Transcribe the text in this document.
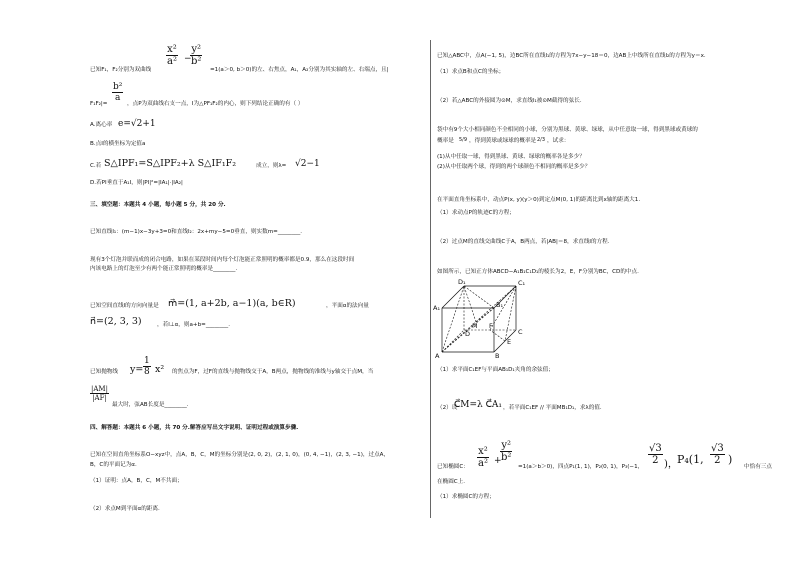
$\frac{\text{x²}}{\text{a²}}$ −
$\frac{\text{y²}}{\text{b²}}$
已知F₁，F₂分别为双曲线	=1(a＞0, b＞0)的左、右焦点，A₁，A₂分别为其实轴的左、右端点，且|
$\frac{\text{b²}}{a}$
F₁F₂|=	，点P为双曲线右支一点，I为△PF₁F₂的内心，则下列结论正确的有（ ）
A.离心率 e=√2+1
B.点I的横坐标为定值a
C.若 S△IPF₁=S△IPF₂+λ S△IF₁F₂	成立，则λ= √2−1
D.若PI垂直于A₁I，则|PI|²=|IA₁|·|IA₂|
三、填空题：本题共 4 小题，每小题 5 分，共 20 分.
已知直线l₁：(m−1)x−3y+3=0和直线l₂：2x+my−5=0垂直，则实数m=________.
现有3个灯泡并联而成的闭合电路，如果在某段时间内每个灯泡能正常照明的概率都是0.9，那么在这段时间
内该电路上的灯泡至少有两个能正常照明的概率是________.
已知空间直线l的方向向量是 m⃗=(1, a+2b, a−1)(a, b∈R)	，平面α的法向量
n⃗=(2, 3, 3)	，若l⊥α，则a+b=________.
已知抛物线 $y= \frac{1}{8} x^2$ 的焦点为F，过F的直线与抛物线交于A，B两点，抛物线的准线与y轴交于点M，当
$\frac{|AM|}{|AF|}$
最大时，弦AB长度是________.
四、解答题：本题共 6 小题，共 70 分.解答应写出文字说明、证明过程或演算步骤.
已知在空间直角坐标系O−xyz中，点A，B，C，M的坐标分别是(2, 0, 2)，(2, 1, 0)，(0, 4, −1)，(2, 3, −1)，过点A，
B，C的平面记为α.
（1）证明：点A，B，C，M不共面；
（2）求点M到平面α的距离.
已知△ABC中，点A(−1, 5)，边BC所在直线l₁的方程为7x−y−18＝0，边AB上中线所在直线l₂的方程为y＝x.
（1）求点B和点C的坐标；
（2）若△ABC的外接圆为⊙M，求直线l₁被⊙M截得的弦长.
袋中有9个大小相同颜色不全相同的小球，分别为黑球、黄球、绿球，从中任意取一球，得到黑球或黄球的
概率是 5/9 ，得到黄球或绿球的概率是 2/3 ，试求：
(1)从中任取一球，得到黑球、黄球、绿球的概率各是多少？
(2)从中任取两个球，得到的两个球颜色不相同的概率是多少？
在平面直角坐标系中，动点P(x, y)(y＞0)到定点M(0, 1)的距离比到x轴的距离大1.
（1）求动点P的轨迹C的方程；
（2）过点M的直线交曲线C于A，B两点，若|AB|＝8，求直线l的方程.
如图所示，已知正方体ABCD−A₁B₁C₁D₁的棱长为2，E，F分别为BC，CD的中点.
D₁	C₁
A₁	B₁
F
M
D	C
E
A	B
（1）求平面C₁EF与平面AB₁D₁夹角的余弦值；
（2）设
C⃗M=λ C⃗A₁ ，若平面C₁EF // 平面MB₁D₁，求λ的值.
已知椭圆C： $\frac{\text{x²}}{\text{a²}}$ +
$\frac{\text{y²}}{\text{b²}}$
=1(a＞b＞0)，四点P₁(1, 1)，P₂(0, 1)，P₃(−1，
$\frac{√3}{2}$ )， P₄(1, $\frac{√3}{2}$ )
中恰有三点
在椭圆C上.
（1）求椭圆C的方程；
